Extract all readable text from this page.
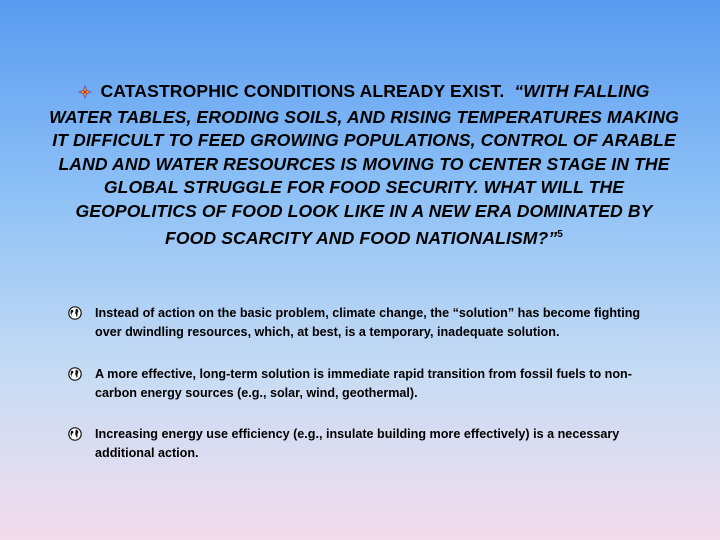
CATASTROPHIC CONDITIONS ALREADY EXIST. “WITH FALLING WATER TABLES, ERODING SOILS, AND RISING TEMPERATURES MAKING IT DIFFICULT TO FEED GROWING POPULATIONS, CONTROL OF ARABLE LAND AND WATER RESOURCES IS MOVING TO CENTER STAGE IN THE GLOBAL STRUGGLE FOR FOOD SECURITY. WHAT WILL THE GEOPOLITICS OF FOOD LOOK LIKE IN A NEW ERA DOMINATED BY FOOD SCARCITY AND FOOD NATIONALISM?”$^5$
Instead of action on the basic problem, climate change, the “solution” has become fighting over dwindling resources, which, at best, is a temporary, inadequate solution.
A more effective, long-term solution is immediate rapid transition from fossil fuels to non-carbon energy sources (e.g., solar, wind, geothermal).
Increasing energy use efficiency (e.g., insulate building more effectively) is a necessary additional action.
